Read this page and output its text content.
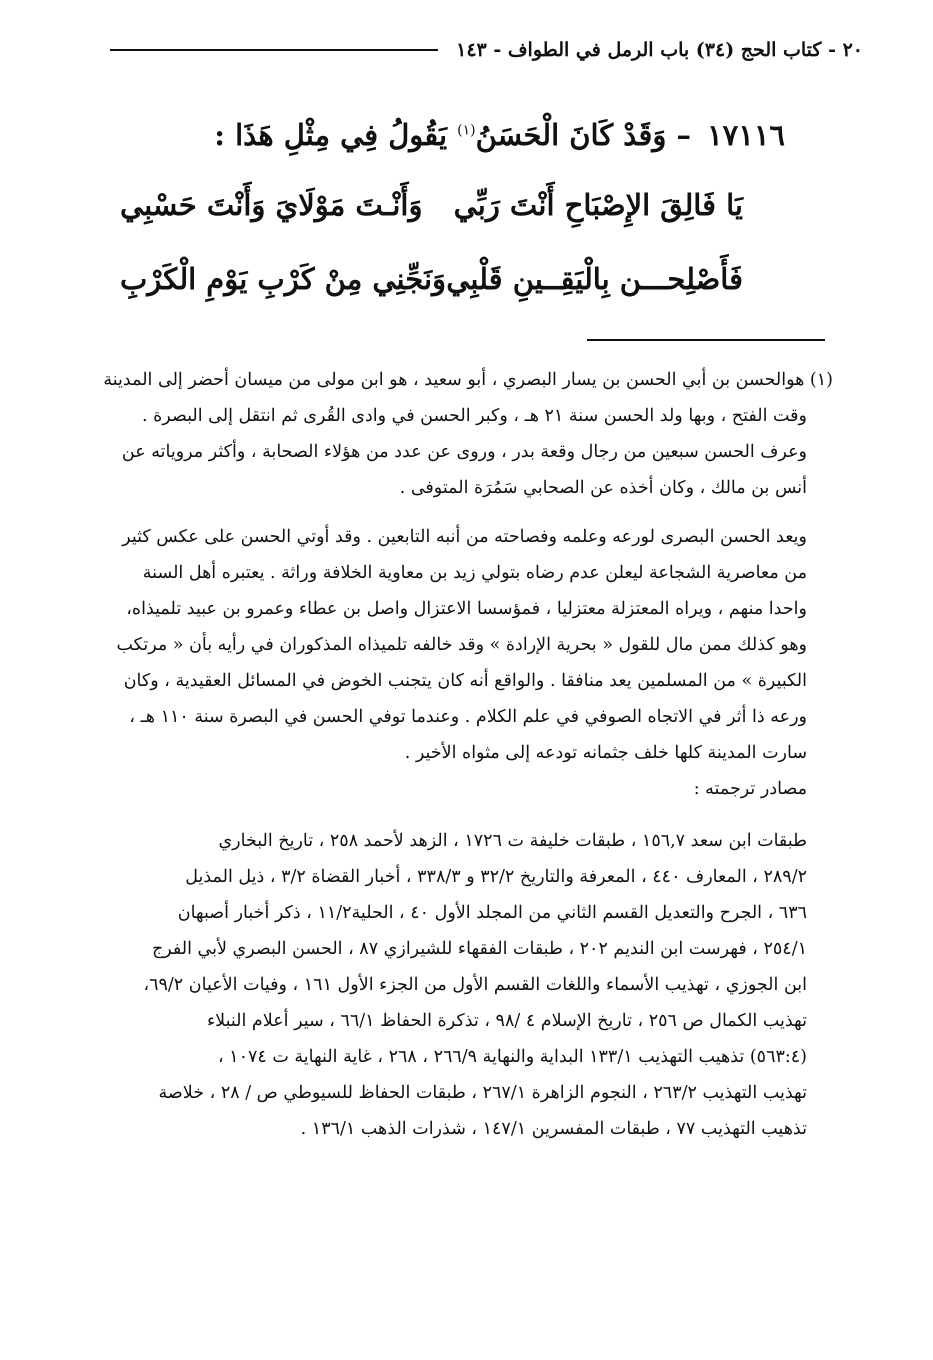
٢٠ - كتاب الحج (٣٤) باب الرمل في الطواف - ١٤٣
١٧١١٦ – وَقَدْ كَانَ الْحَسَنُ$^{(١)}$ يَقُولُ فِي مِثْلِ هَذَا :
يَا فَالِقَ الإِصْبَاحِ أَنْتَ رَبِّي
وَأَنْـتَ مَوْلَايَ وَأَنْتَ حَسْبِي
فَأَصْلِحـــن بِالْيَقِــينِ قَلْبِي
وَنَجِّنِي مِنْ كَرْبِ يَوْمِ الْكَرْبِ
(١) هوالحسن بن أبي الحسن بن يسار البصري ، أبو سعيد ، هو ابن مولى من ميسان أحضر إلى المدينة
وقت الفتح ، وبها ولد الحسن سنة ٢١ هـ ، وكبر الحسن في وادى القُرى ثم انتقل إلى البصرة .
وعرف الحسن سبعين من رجال وقعة بدر ، وروى عن عدد من هؤلاء الصحابة ، وأكثر مروياته عن
أنس بن مالك ، وكان أخذه عن الصحابي سَمُرَة المتوفى .
ويعد الحسن البصرى لورعه وعلمه وفصاحته من أنبه التابعين . وقد أوتي الحسن على عكس كثير
من معاصرية الشجاعة ليعلن عدم رضاه بتولي زيد بن معاوية الخلافة وراثة . يعتبره أهل السنة
واحدا منهم ، ويراه المعتزلة معتزليا ، فمؤسسا الاعتزال واصل بن عطاء وعمرو بن عبيد تلميذاه،
وهو كذلك ممن مال للقول « بحرية الإرادة » وقد خالفه تلميذاه المذكوران في رأيه بأن « مرتكب
الكبيرة » من المسلمين يعد منافقا . والواقع أنه كان يتجنب الخوض في المسائل العقيدية ، وكان
ورعه ذا أثر في الاتجاه الصوفي في علم الكلام . وعندما توفي الحسن في البصرة سنة ١١٠ هـ ،
سارت المدينة كلها خلف جثمانه تودعه إلى مثواه الأخير .
مصادر ترجمته :
طبقات ابن سعد ١٥٦,٧ ، طبقات خليفة ت ١٧٢٦ ، الزهد لأحمد ٢٥٨ ، تاريخ البخاري
٢٨٩/٢ ، المعارف ٤٤٠ ، المعرفة والتاريخ ٣٢/٢ و ٣٣٨/٣ ، أخبار القضاة ٣/٢ ، ذيل المذيل
٦٣٦ ، الجرح والتعديل القسم الثاني من المجلد الأول ٤٠ ، الحلية١١/٢ ، ذكر أخبار أصبهان
٢٥٤/١ ، فهرست ابن النديم ٢٠٢ ، طبقات الفقهاء للشيرازي ٨٧ ، الحسن البصري لأبي الفرج
ابن الجوزي ، تهذيب الأسماء واللغات القسم الأول من الجزء الأول ١٦١ ، وفيات الأعيان ٦٩/٢،
تهذيب الكمال ص ٢٥٦ ، تاريخ الإسلام ٤ /٩٨ ، تذكرة الحفاظ ٦٦/١ ، سير أعلام النبلاء
(٥٦٣:٤) تذهيب التهذيب ١٣٣/١ البداية والنهاية ٢٦٦/٩ ، ٢٦٨ ، غاية النهاية ت ١٠٧٤ ،
تهذيب التهذيب ٢٦٣/٢ ، النجوم الزاهرة ٢٦٧/١ ، طبقات الحفاظ للسيوطي ص / ٢٨ ، خلاصة
تذهيب التهذيب ٧٧ ، طبقات المفسرين ١٤٧/١ ، شذرات الذهب ١٣٦/١ .
